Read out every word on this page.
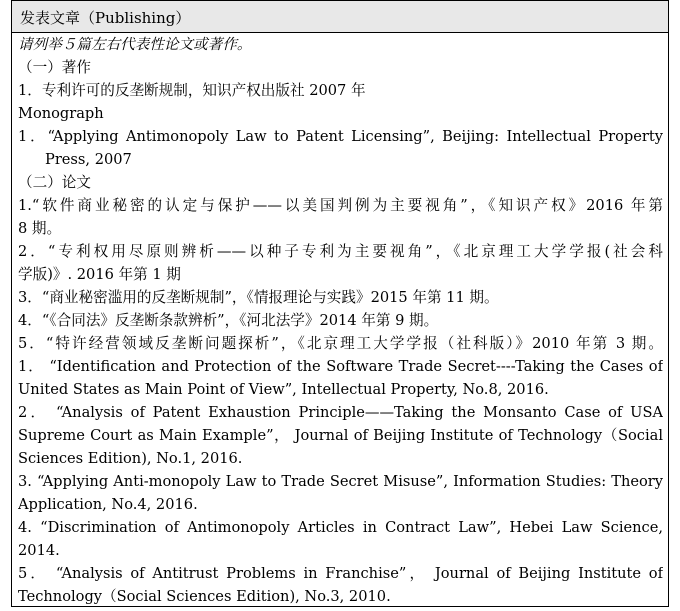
发表文章（Publishing）
请列举５篇左右代表性论文或著作。
（一）著作
1．专利许可的反垄断规制，知识产权出版社 2007 年
Monograph
1．“Applying Antimonopoly Law to Patent Licensing”, Beijing: Intellectual Property
Press, 2007
（二）论文
1.“软件商业秘密的认定与保护——以美国判例为主要视角”，《知识产权》2016 年第
8 期。
2．“专利权用尽原则辨析——以种子专利为主要视角”，《北京理工大学学报(社会科
学版)》. 2016 年第 1 期
3．“商业秘密滥用的反垄断规制”，《情报理论与实践》2015 年第 11 期。
4．“《合同法》反垄断条款辨析”，《河北法学》2014 年第 9 期。
5．“特许经营领域反垄断问题探析”，《北京理工大学学报（社科版）》2010 年第 3 期。
1． “Identification and Protection of the Software Trade Secret----Taking the Cases of
United States as Main Point of View”, Intellectual Property, No.8, 2016.
2． “Analysis of Patent Exhaustion Principle——Taking the Monsanto Case of USA
Supreme Court as Main Example”， Journal of Beijing Institute of Technology（Social
Sciences Edition), No.1, 2016.
3. “Applying Anti-monopoly Law to Trade Secret Misuse”, Information Studies: Theory
Application, No.4, 2016.
4. “Discrimination of Antimonopoly Articles in Contract Law”, Hebei Law Science,
2014.
5． “Analysis of Antitrust Problems in Franchise”， Journal of Beijing Institute of
Technology（Social Sciences Edition), No.3, 2010.
